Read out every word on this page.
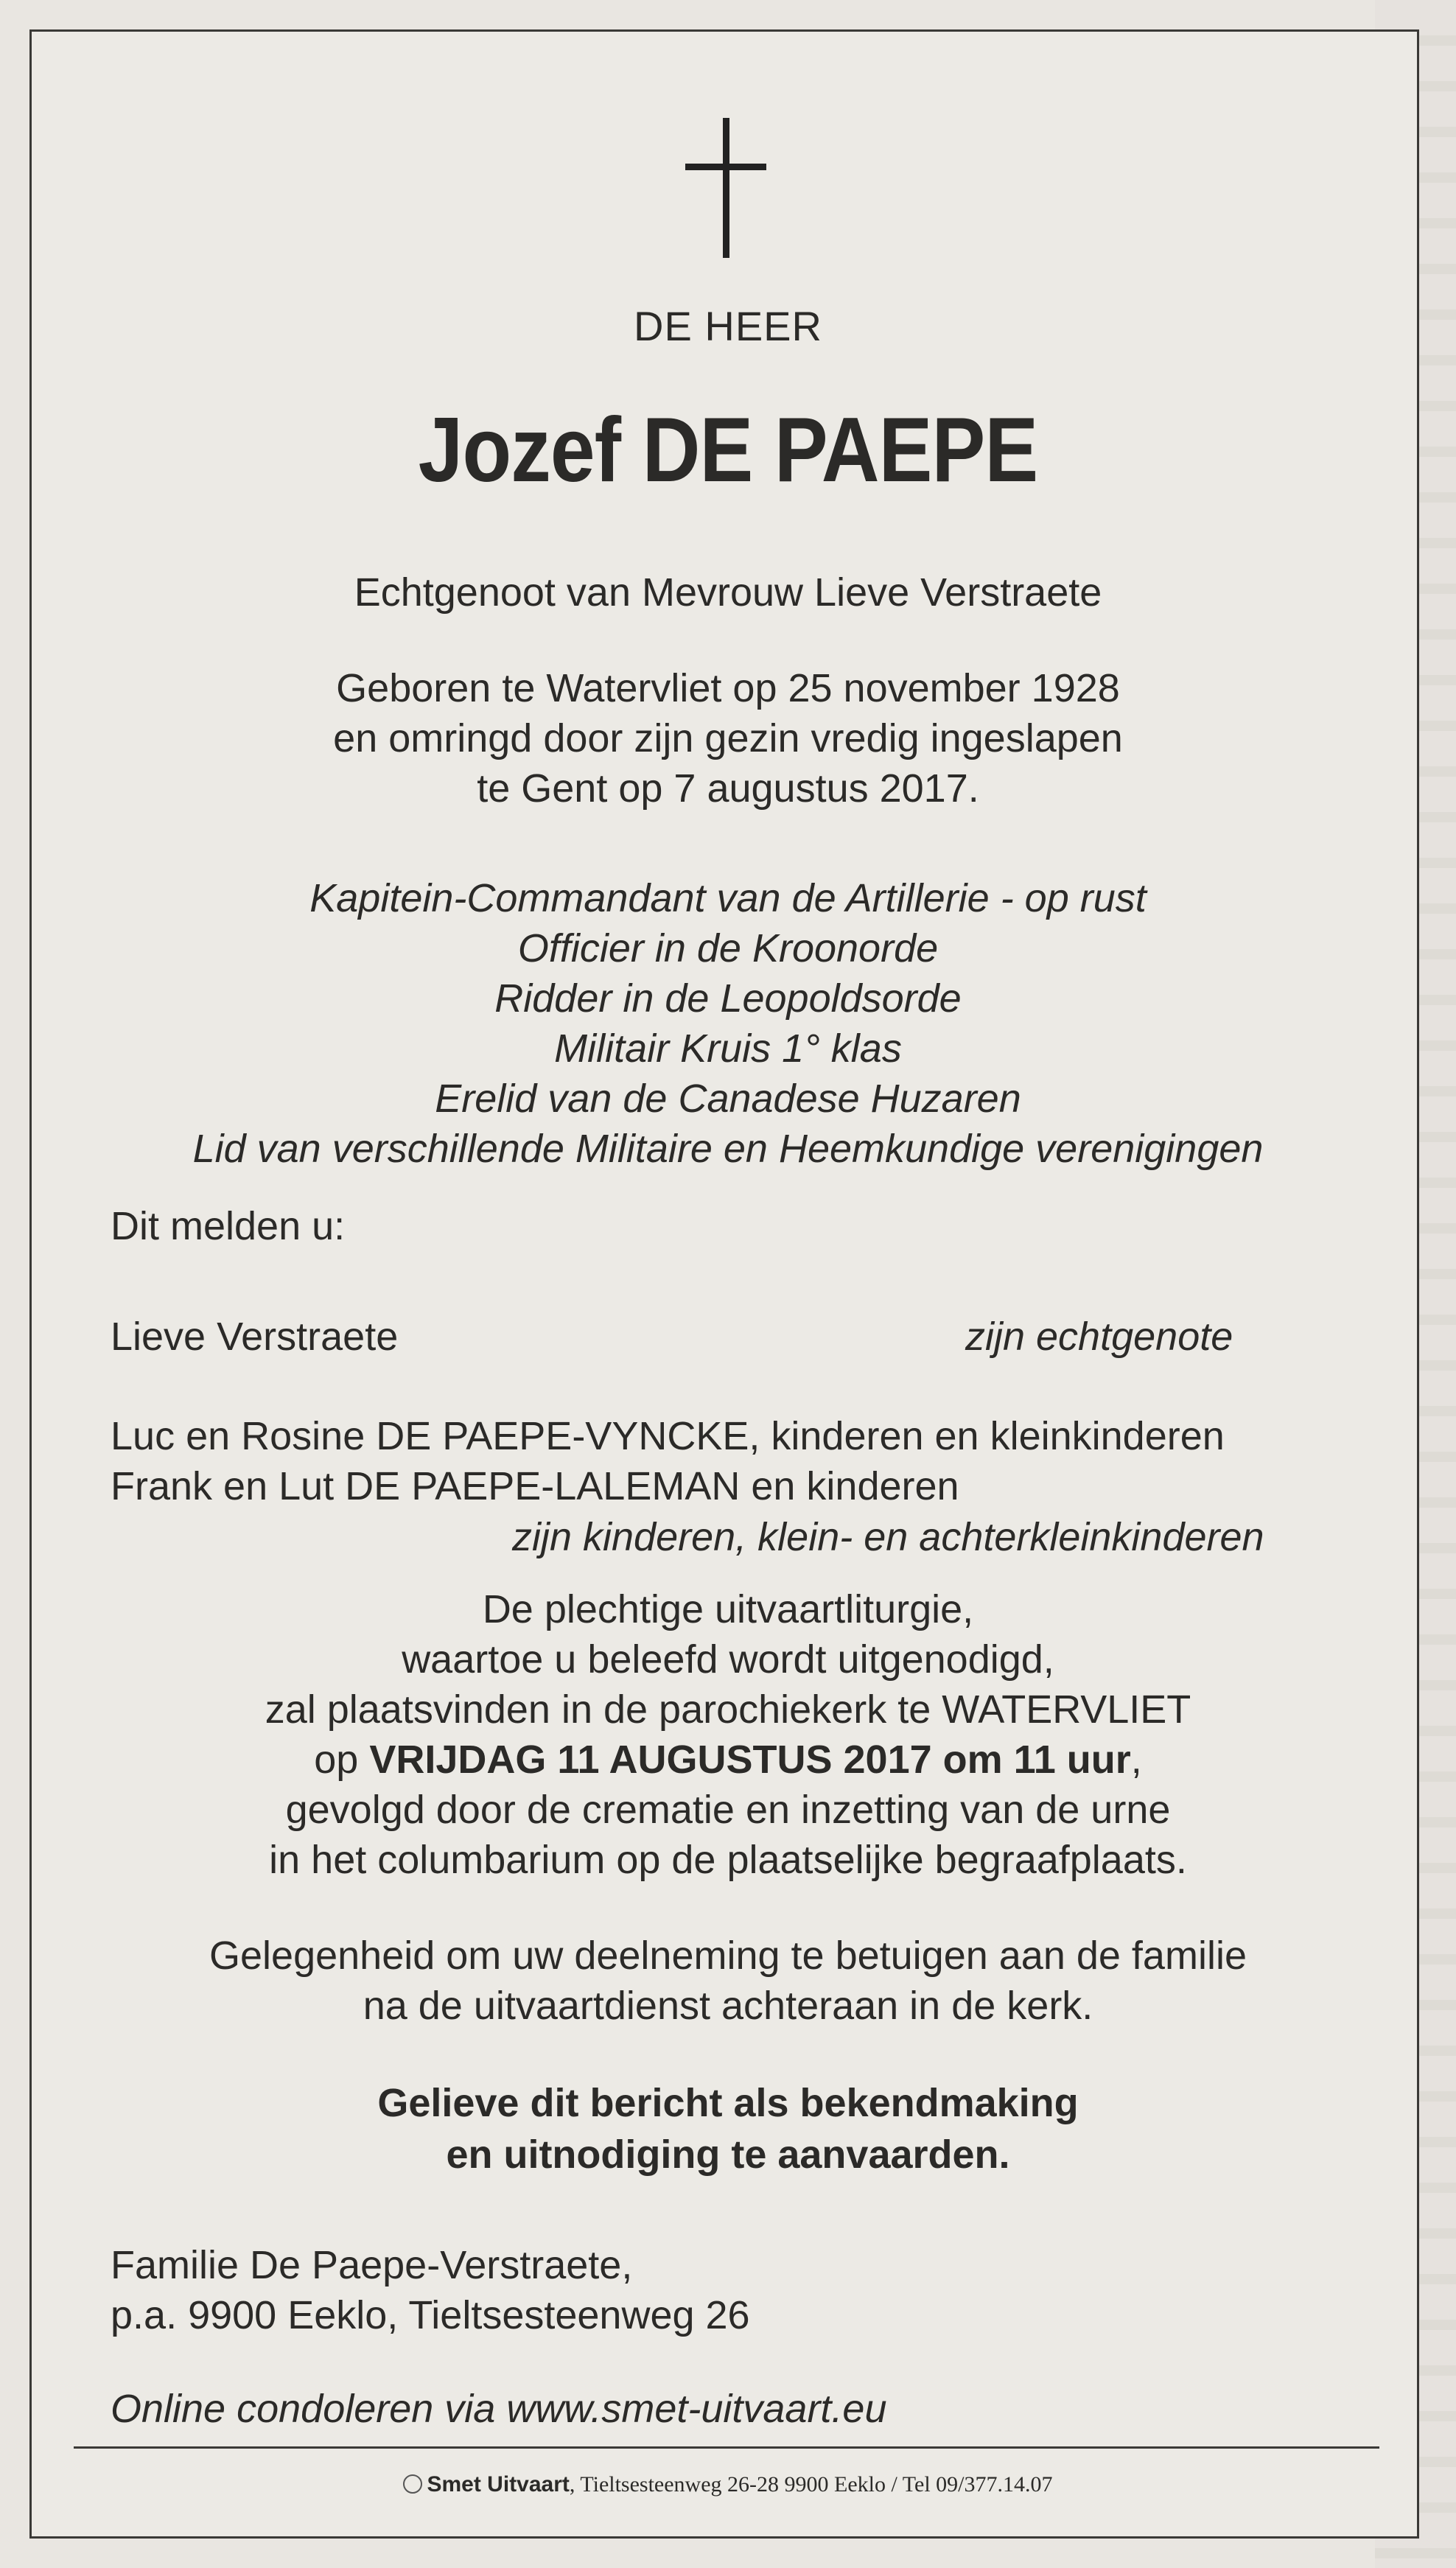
DE HEER
Jozef DE PAEPE
Echtgenoot van Mevrouw Lieve Verstraete
Geboren te Watervliet op 25 november 1928
en omringd door zijn gezin vredig ingeslapen
te Gent op 7 augustus 2017.
Kapitein-Commandant van de Artillerie - op rust
Officier in de Kroonorde
Ridder in de Leopoldsorde
Militair Kruis 1° klas
Erelid van de Canadese Huzaren
Lid van verschillende Militaire en Heemkundige verenigingen
Dit melden u:
Lieve Verstraete	zijn echtgenote
Luc en Rosine DE PAEPE-VYNCKE, kinderen en kleinkinderen
Frank en Lut DE PAEPE-LALEMAN en kinderen
zijn kinderen, klein- en achterkleinkinderen
De plechtige uitvaartliturgie,
waartoe u beleefd wordt uitgenodigd,
zal plaatsvinden in de parochiekerk te WATERVLIET
op VRIJDAG 11 AUGUSTUS 2017 om 11 uur,
gevolgd door de crematie en inzetting van de urne
in het columbarium op de plaatselijke begraafplaats.
Gelegenheid om uw deelneming te betuigen aan de familie
na de uitvaartdienst achteraan in de kerk.
Gelieve dit bericht als bekendmaking
en uitnodiging te aanvaarden.
Familie De Paepe-Verstraete,
p.a. 9900 Eeklo, Tieltsesteenweg 26
Online condoleren via www.smet-uitvaart.eu
Smet Uitvaart, Tieltsesteenweg 26-28 9900 Eeklo / Tel 09/377.14.07
